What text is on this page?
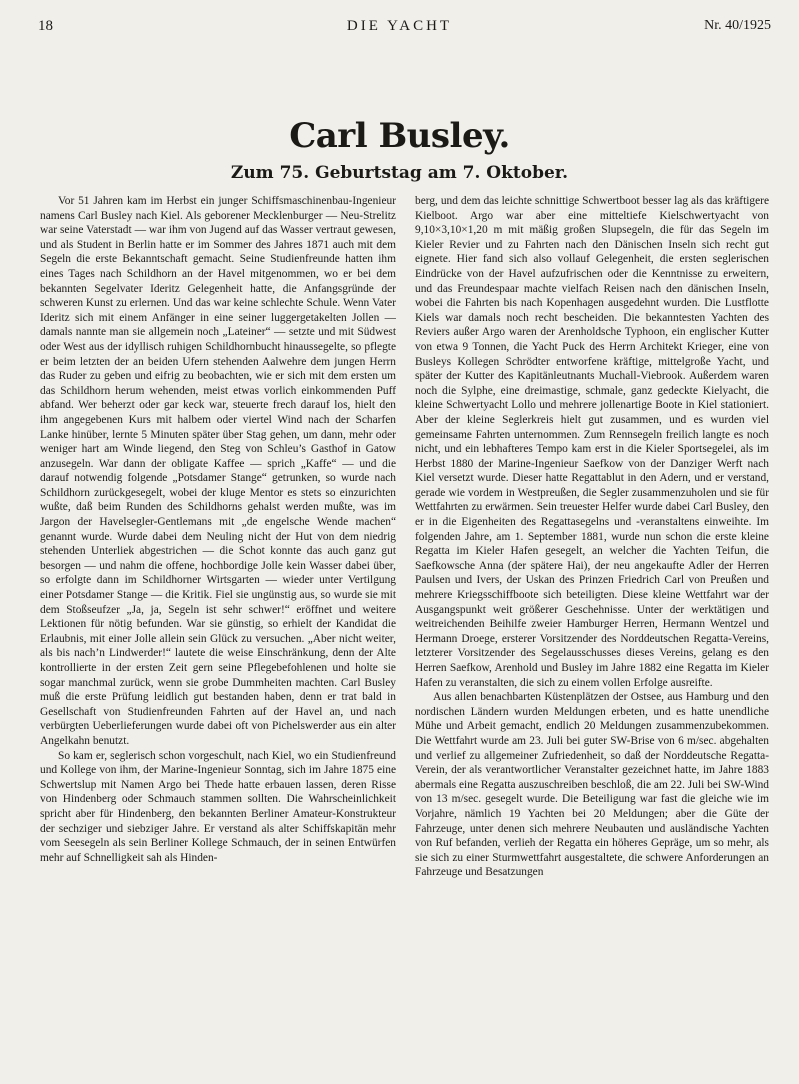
18	DIE YACHT	Nr. 40/1925
Carl Busley.
Zum 75. Geburtstag am 7. Oktober.

Vor 51 Jahren kam im Herbst ein junger Schiffsmaschinenbau-Ingenieur namens Carl Busley nach Kiel. Als geborener Mecklenburger — Neu-Strelitz war seine Vaterstadt — war ihm von Jugend auf das Wasser vertraut gewesen, und als Student in Berlin hatte er im Sommer des Jahres 1871 auch mit dem Segeln die erste Bekanntschaft gemacht. Seine Studienfreunde hatten ihm eines Tages nach Schildhorn an der Havel mitgenommen, wo er bei dem bekannten Segelvater Ideritz Gelegenheit hatte, die Anfangsgründe der schweren Kunst zu erlernen. Und das war keine schlechte Schule. Wenn Vater Ideritz sich mit einem Anfänger in eine seiner luggergetakelten Jollen — damals nannte man sie allgemein noch „Lateiner“ — setzte und mit Südwest oder West aus der idyllisch ruhigen Schildhornbucht hinaussegelte, so pflegte er beim letzten der an beiden Ufern stehenden Aalwehre dem jungen Herrn das Ruder zu geben und eifrig zu beobachten, wie er sich mit dem ersten um das Schildhorn herum wehenden, meist etwas vorlich einkommenden Puff abfand. Wer beherzt oder gar keck war, steuerte frech darauf los, hielt den ihm angegebenen Kurs mit halbem oder viertel Wind nach der Scharfen Lanke hinüber, lernte 5 Minuten später über Stag gehen, um dann, mehr oder weniger hart am Winde liegend, den Steg von Schleu’s Gasthof in Gatow anzusegeln. War dann der obligate Kaffee — sprich „Kaffe“ — und die darauf notwendig folgende „Potsdamer Stange“ getrunken, so wurde nach Schildhorn zurückgesegelt, wobei der kluge Mentor es stets so einzurichten wußte, daß beim Runden des Schildhorns gehalst werden mußte, was im Jargon der Havelsegler-Gentlemans mit „de engelsche Wende machen“ genannt wurde. Wurde dabei dem Neuling nicht der Hut von dem niedrig stehenden Unterliek abgestrichen — die Schot konnte das auch ganz gut besorgen — und nahm die offene, hochbordige Jolle kein Wasser dabei über, so erfolgte dann im Schildhorner Wirtsgarten — wieder unter Vertilgung einer Potsdamer Stange — die Kritik. Fiel sie ungünstig aus, so wurde sie mit dem Stoßseufzer „Ja, ja, Segeln ist sehr schwer!“ eröffnet und weitere Lektionen für nötig befunden. War sie günstig, so erhielt der Kandidat die Erlaubnis, mit einer Jolle allein sein Glück zu versuchen. „Aber nicht weiter, als bis nach’n Lindwerder!“ lautete die weise Einschränkung, denn der Alte kontrollierte in der ersten Zeit gern seine Pflegebefohlenen und holte sie sogar manchmal zurück, wenn sie grobe Dummheiten machten. Carl Busley muß die erste Prüfung leidlich gut bestanden haben, denn er trat bald in Gesellschaft von Studienfreunden Fahrten auf der Havel an, und nach verbürgten Ueberlieferungen wurde dabei oft von Pichelswerder aus ein alter Angelkahn benutzt.

So kam er, seglerisch schon vorgeschult, nach Kiel, wo ein Studienfreund und Kollege von ihm, der Marine-Ingenieur Sonntag, sich im Jahre 1875 eine Schwertslup mit Namen Argo bei Thede hatte erbauen lassen, deren Risse von Hindenberg oder Schmauch stammen sollten. Die Wahrscheinlichkeit spricht aber für Hindenberg, den bekannten Berliner Amateur-Konstrukteur der sechziger und siebziger Jahre. Er verstand als alter Schiffskapitän mehr vom Seesegeln als sein Berliner Kollege Schmauch, der in seinen Entwürfen mehr auf Schnelligkeit sah als Hinden-

berg, und dem das leichte schnittige Schwertboot besser lag als das kräftigere Kielboot. Argo war aber eine mitteltiefe Kielschwertyacht von 9,10×3,10×1,20 m mit mäßig großen Slupsegeln, die für das Segeln im Kieler Revier und zu Fahrten nach den Dänischen Inseln sich recht gut eignete. Hier fand sich also vollauf Gelegenheit, die ersten seglerischen Eindrücke von der Havel aufzufrischen oder die Kenntnisse zu erweitern, und das Freundespaar machte vielfach Reisen nach den dänischen Inseln, wobei die Fahrten bis nach Kopenhagen ausgedehnt wurden. Die Lustflotte Kiels war damals noch recht bescheiden. Die bekanntesten Yachten des Reviers außer Argo waren der Arenholdsche Typhoon, ein englischer Kutter von etwa 9 Tonnen, die Yacht Puck des Herrn Architekt Krieger, eine von Busleys Kollegen Schrödter entworfene kräftige, mittelgroße Yacht, und später der Kutter des Kapitänleutnants Muchall-Viebrook. Außerdem waren noch die Sylphe, eine dreimastige, schmale, ganz gedeckte Kielyacht, die kleine Schwertyacht Lollo und mehrere jollenartige Boote in Kiel stationiert. Aber der kleine Seglerkreis hielt gut zusammen, und es wurden viel gemeinsame Fahrten unternommen. Zum Rennsegeln freilich langte es noch nicht, und ein lebhafteres Tempo kam erst in die Kieler Sportsegelei, als im Herbst 1880 der Marine-Ingenieur Saefkow von der Danziger Werft nach Kiel versetzt wurde. Dieser hatte Regattablut in den Adern, und er verstand, gerade wie vordem in Westpreußen, die Segler zusammenzuholen und sie für Wettfahrten zu erwärmen. Sein treuester Helfer wurde dabei Carl Busley, den er in die Eigenheiten des Regattasegelns und -veranstaltens einweihte. Im folgenden Jahre, am 1. September 1881, wurde nun schon die erste kleine Regatta im Kieler Hafen gesegelt, an welcher die Yachten Teifun, die Saefkowsche Anna (der spätere Hai), der neu angekaufte Adler der Herren Paulsen und Ivers, der Uskan des Prinzen Friedrich Carl von Preußen und mehrere Kriegsschiffboote sich beteiligten. Diese kleine Wettfahrt war der Ausgangspunkt weit größerer Geschehnisse. Unter der werktätigen und weitreichenden Beihilfe zweier Hamburger Herren, Hermann Wentzel und Hermann Droege, ersterer Vorsitzender des Norddeutschen Regatta-Vereins, letzterer Vorsitzender des Segelausschusses dieses Vereins, gelang es den Herren Saefkow, Arenhold und Busley im Jahre 1882 eine Regatta im Kieler Hafen zu veranstalten, die sich zu einem vollen Erfolge ausreifte.

Aus allen benachbarten Küstenplätzen der Ostsee, aus Hamburg und den nordischen Ländern wurden Meldungen erbeten, und es hatte unendliche Mühe und Arbeit gemacht, endlich 20 Meldungen zusammenzubekommen. Die Wettfahrt wurde am 23. Juli bei guter SW-Brise von 6 m/sec. abgehalten und verlief zu allgemeiner Zufriedenheit, so daß der Norddeutsche Regatta-Verein, der als verantwortlicher Veranstalter gezeichnet hatte, im Jahre 1883 abermals eine Regatta auszuschreiben beschloß, die am 22. Juli bei SW-Wind von 13 m/sec. gesegelt wurde. Die Beteiligung war fast die gleiche wie im Vorjahre, nämlich 19 Yachten bei 20 Meldungen; aber die Güte der Fahrzeuge, unter denen sich mehrere Neubauten und ausländische Yachten von Ruf befanden, verlieh der Regatta ein höheres Gepräge, um so mehr, als sie sich zu einer Sturmwettfahrt ausgestaltete, die schwere Anforderungen an Fahrzeuge und Besatzungen
